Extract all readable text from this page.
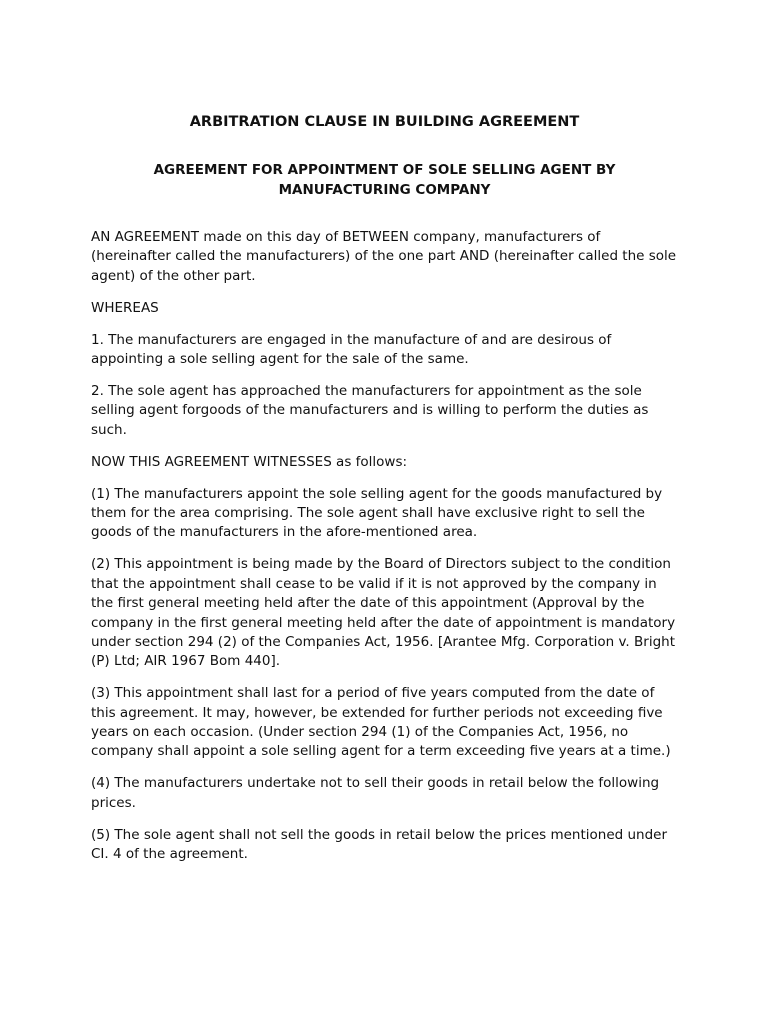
ARBITRATION CLAUSE IN BUILDING AGREEMENT
AGREEMENT FOR APPOINTMENT OF SOLE SELLING AGENT BY MANUFACTURING COMPANY

AN AGREEMENT made on this day of BETWEEN company, manufacturers of (hereinafter called the manufacturers) of the one part AND (hereinafter called the sole agent) of the other part.

WHEREAS

1. The manufacturers are engaged in the manufacture of and are desirous of appointing a sole selling agent for the sale of the same.

2. The sole agent has approached the manufacturers for appointment as the sole selling agent forgoods of the manufacturers and is willing to perform the duties as such.

NOW THIS AGREEMENT WITNESSES as follows:

(1) The manufacturers appoint the sole selling agent for the goods manufactured by them for the area comprising. The sole agent shall have exclusive right to sell the goods of the manufacturers in the afore-mentioned area.

(2) This appointment is being made by the Board of Directors subject to the condition that the appointment shall cease to be valid if it is not approved by the company in the first general meeting held after the date of this appointment (Approval by the company in the first general meeting held after the date of appointment is mandatory under section 294 (2) of the Companies Act, 1956. [Arantee Mfg. Corporation v. Bright (P) Ltd; AIR 1967 Bom 440].

(3) This appointment shall last for a period of five years computed from the date of this agreement. It may, however, be extended for further periods not exceeding five years on each occasion. (Under section 294 (1) of the Companies Act, 1956, no company shall appoint a sole selling agent for a term exceeding five years at a time.)

(4) The manufacturers undertake not to sell their goods in retail below the following prices.

(5) The sole agent shall not sell the goods in retail below the prices mentioned under CI. 4 of the agreement.
